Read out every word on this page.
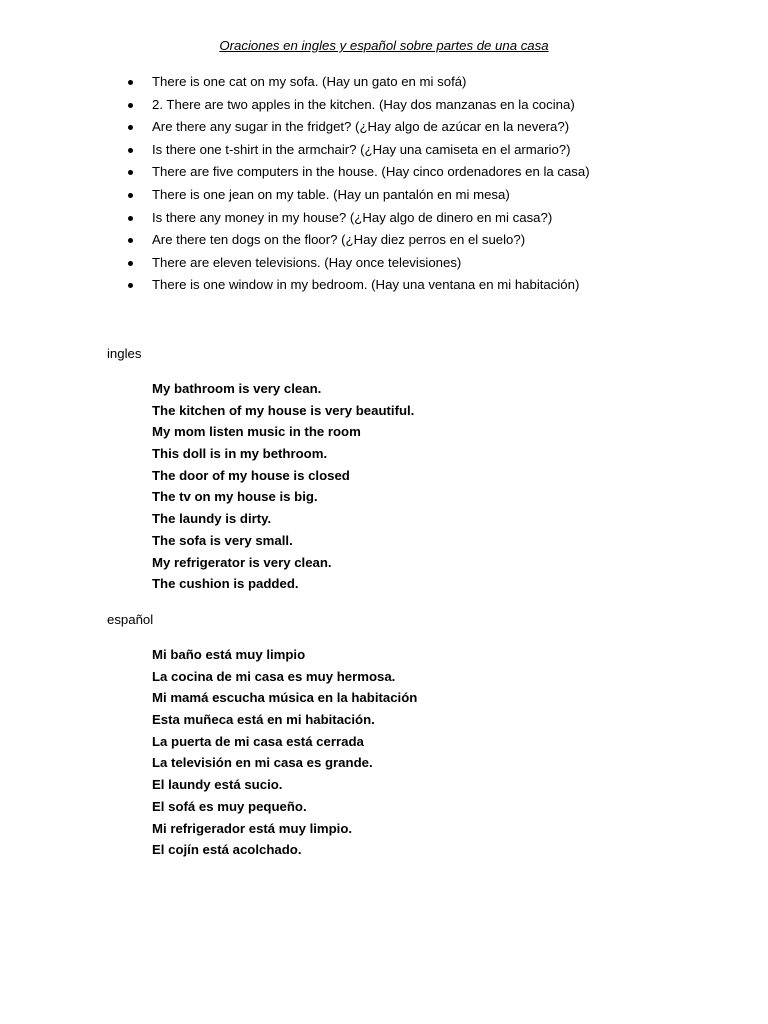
Oraciones en ingles y español sobre partes de una casa
There is one cat on my sofa. (Hay un gato en mi sofá)
2. There are two apples in the kitchen. (Hay dos manzanas en la cocina)
Are there any sugar in the fridget? (¿Hay algo de azúcar en la nevera?)
Is there one t-shirt in the armchair? (¿Hay una camiseta en el armario?)
There are five computers in the house. (Hay cinco ordenadores en la casa)
There is one jean on my table. (Hay un pantalón en mi mesa)
Is there any money in my house? (¿Hay algo de dinero en mi casa?)
Are there ten dogs on the floor? (¿Hay diez perros en el suelo?)
There are eleven televisions. (Hay once televisiones)
There is one window in my bedroom. (Hay una ventana en mi habitación)
ingles
My bathroom is very clean.
The kitchen of my house is very beautiful.
My mom listen music in the room
This doll is in my bethroom.
The door of my house is closed
The tv on my house is big.
The laundy is dirty.
The sofa is very small.
My refrigerator is very clean.
The cushion is padded.
español
Mi baño está muy limpio
La cocina de mi casa es muy hermosa.
Mi mamá escucha música en la habitación
Esta muñeca está en mi habitación.
La puerta de mi casa está cerrada
La televisión en mi casa es grande.
El laundy está sucio.
El sofá es muy pequeño.
Mi refrigerador está muy limpio.
El cojín está acolchado.
